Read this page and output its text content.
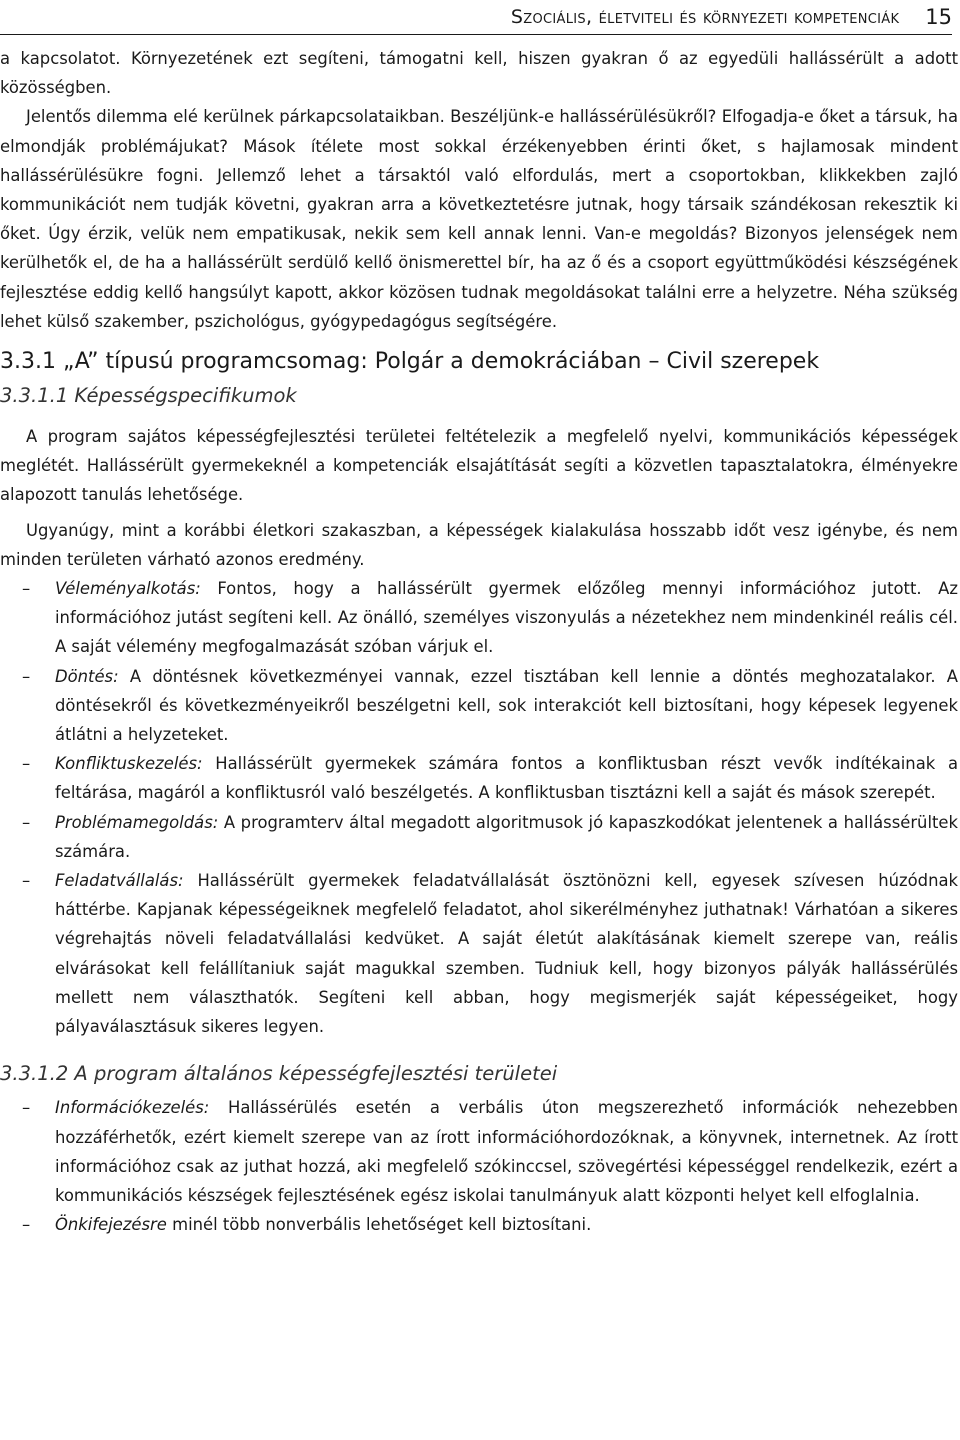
Szociális, életviteli és környezeti kompetenciák 15

a kapcsolatot. Környezetének ezt segíteni, támogatni kell, hiszen gyakran ő az egyedüli hallássérült a adott közösségben.

Jelentős dilemma elé kerülnek párkapcsolataikban. Beszéljünk-e hallássérülésükről? Elfogadja-e őket a társuk, ha elmondják problémájukat? Mások ítélete most sokkal érzékenyebben érinti őket, s hajlamosak mindent hallássérülésükre fogni. Jellemző lehet a társaktól való elfordulás, mert a csoportokban, klikkekben zajló kommunikációt nem tudják követni, gyakran arra a következtetésre jutnak, hogy társaik szándékosan rekesztik ki őket. Úgy érzik, velük nem empatikusak, nekik sem kell annak lenni. Van-e megoldás? Bizonyos jelenségek nem kerülhetők el, de ha a hallássérült serdülő kellő önismerettel bír, ha az ő és a csoport együttműködési készségének fejlesztése eddig kellő hangsúlyt kapott, akkor közösen tudnak megoldásokat találni erre a helyzetre. Néha szükség lehet külső szakember, pszichológus, gyógypedagógus segítségére.

3.3.1 „A” típusú programcsomag: Polgár a demokráciában – Civil szerepek
3.3.1.1 Képességspecifikumok

A program sajátos képességfejlesztési területei feltételezik a megfelelő nyelvi, kommunikációs képességek meglétét. Hallássérült gyermekeknél a kompetenciák elsajátítását segíti a közvetlen tapasztalatokra, élményekre alapozott tanulás lehetősége.

Ugyanúgy, mint a korábbi életkori szakaszban, a képességek kialakulása hosszabb időt vesz igénybe, és nem minden területen várható azonos eredmény.

– Véleményalkotás: Fontos, hogy a hallássérült gyermek előzőleg mennyi információhoz jutott. Az információhoz jutást segíteni kell. Az önálló, személyes viszonyulás a nézetekhez nem mindenkinél reális cél. A saját vélemény megfogalmazását szóban várjuk el.
– Döntés: A döntésnek következményei vannak, ezzel tisztában kell lennie a döntés meghozatalakor. A döntésekről és következményeikről beszélgetni kell, sok interakciót kell biztosítani, hogy képesek legyenek átlátni a helyzeteket.
– Konfliktuskezelés: Hallássérült gyermekek számára fontos a konfliktusban részt vevők indítékainak a feltárása, magáról a konfliktusról való beszélgetés. A konfliktusban tisztázni kell a saját és mások szerepét.
– Problémamegoldás: A programterv által megadott algoritmusok jó kapaszkodókat jelentenek a hallássérültek számára.
– Feladatvállalás: Hallássérült gyermekek feladatvállalását ösztönözni kell, egyesek szívesen húzódnak háttérbe. Kapjanak képességeiknek megfelelő feladatot, ahol sikerélményhez juthatnak! Várhatóan a sikeres végrehajtás növeli feladatvállalási kedvüket. A saját életút alakításának kiemelt szerepe van, reális elvárásokat kell felállítaniuk saját magukkal szemben. Tudniuk kell, hogy bizonyos pályák hallássérülés mellett nem választhatók. Segíteni kell abban, hogy megismerjék saját képességeiket, hogy pályaválasztásuk sikeres legyen.
3.3.1.2 A program általános képességfejlesztési területei
– Információkezelés: Hallássérülés esetén a verbális úton megszerezhető információk nehezebben hozzáférhetők, ezért kiemelt szerepe van az írott információhordozóknak, a könyvnek, internetnek. Az írott információhoz csak az juthat hozzá, aki megfelelő szókinccsel, szövegértési képességgel rendelkezik, ezért a kommunikációs készségek fejlesztésének egész iskolai tanulmányuk alatt központi helyet kell elfoglalnia.
– Önkifejezésre minél több nonverbális lehetőséget kell biztosítani.
